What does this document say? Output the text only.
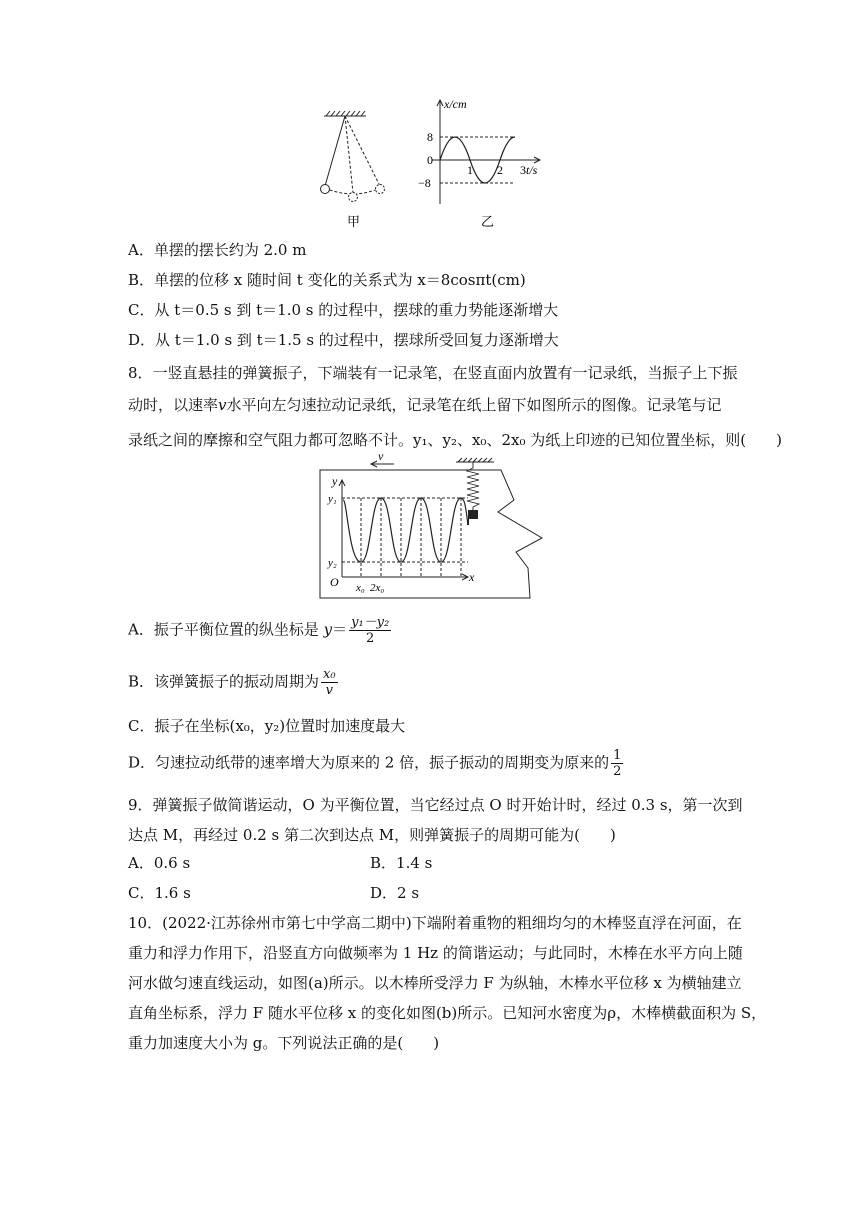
甲
x/cm
t/s
8
0
−8
1 2 3
乙
A．单摆的摆长约为 2.0 m
B．单摆的位移 x 随时间 t 变化的关系式为 x＝8cosπt(cm)
C．从 t＝0.5 s 到 t＝1.0 s 的过程中，摆球的重力势能逐渐增大
D．从 t＝1.0 s 到 t＝1.5 s 的过程中，摆球所受回复力逐渐增大
8．一竖直悬挂的弹簧振子，下端装有一记录笔，在竖直面内放置有一记录纸，当振子上下振
动时，以速率v水平向左匀速拉动记录纸，记录笔在纸上留下如图所示的图像。记录笔与记
录纸之间的摩擦和空气阻力都可忽略不计。y₁、y₂、x₀、2x₀ 为纸上印迹的已知位置坐标，则(　　)
v
y
x
y₁
y₂
O x₀ 2x₀
A．振子平衡位置的纵坐标是 $y= \frac{\text{y₁－y₂}}{2}$
B．该弹簧振子的振动周期为 $\frac{\text{x₀}}{v}$
C．振子在坐标(x₀，y₂)位置时加速度最大
D．匀速拉动纸带的速率增大为原来的 2 倍，振子振动的周期变为原来的 $\frac{1}{2}$
9．弹簧振子做简谐运动，O 为平衡位置，当它经过点 O 时开始计时，经过 0.3 s，第一次到
达点 M，再经过 0.2 s 第二次到达点 M，则弹簧振子的周期可能为(　　)
A．0.6 s	B．1.4 s
C．1.6 s	D．2 s
10．(2022·江苏徐州市第七中学高二期中)下端附着重物的粗细均匀的木棒竖直浮在河面，在
重力和浮力作用下，沿竖直方向做频率为 1 Hz 的简谐运动；与此同时，木棒在水平方向上随
河水做匀速直线运动，如图(a)所示。以木棒所受浮力 F 为纵轴，木棒水平位移 x 为横轴建立
直角坐标系，浮力 F 随水平位移 x 的变化如图(b)所示。已知河水密度为ρ，木棒横截面积为 S，
重力加速度大小为 g。下列说法正确的是(　　)
